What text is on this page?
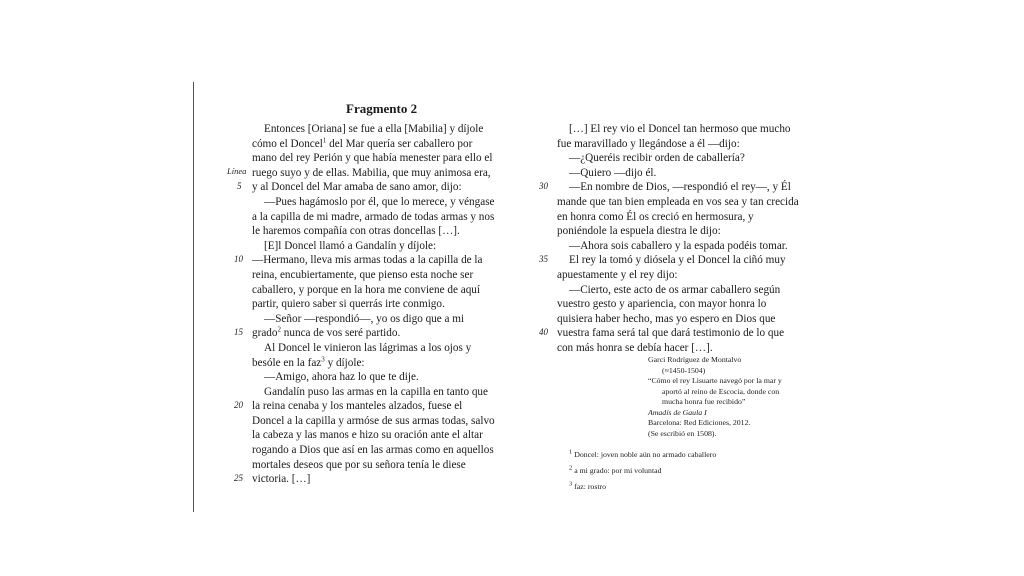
Fragmento 2
Entonces [Oriana] se fue a ella [Mabilia] y díjole
cómo el Doncel$^1$ del Mar quería ser caballero por
mano del rey Perión y que había menester para ello el
ruego suyo y de ellas. Mabilia, que muy animosa era,
y al Doncel del Mar amaba de sano amor, dijo:
—Pues hagámoslo por él, que lo merece, y véngase
a la capilla de mi madre, armado de todas armas y nos
le haremos compañía con otras doncellas […].
[E]l Doncel llamó a Gandalín y díjole:
—Hermano, lleva mis armas todas a la capilla de la
reina, encubiertamente, que pienso esta noche ser
caballero, y porque en la hora me conviene de aquí
partir, quiero saber si querrás irte conmigo.
—Señor —respondió—, yo os digo que a mi
grado$^2$ nunca de vos seré partido.
Al Doncel le vinieron las lágrimas a los ojos y
besóle en la faz$^3$ y díjole:
—Amigo, ahora haz lo que te dije.
Gandalín puso las armas en la capilla en tanto que
la reina cenaba y los manteles alzados, fuese el
Doncel a la capilla y armóse de sus armas todas, salvo
la cabeza y las manos e hizo su oración ante el altar
rogando a Dios que así en las armas como en aquellos
mortales deseos que por su señora tenía le diese
victoria. […]
[…] El rey vio el Doncel tan hermoso que mucho
fue maravillado y llegándose a él —dijo:
—¿Queréis recibir orden de caballería?
—Quiero —dijo él.
—En nombre de Dios, —respondió el rey—, y Él
mande que tan bien empleada en vos sea y tan crecida
en honra como Él os creció en hermosura, y
poniéndole la espuela diestra le dijo:
—Ahora sois caballero y la espada podéis tomar.
El rey la tomó y diósela y el Doncel la ciñó muy
apuestamente y el rey dijo:
—Cierto, este acto de os armar caballero según
vuestro gesto y apariencia, con mayor honra lo
quisiera haber hecho, mas yo espero en Dios que
vuestra fama será tal que dará testimonio de lo que
con más honra se debía hacer […].
Línea
5
10
15
20
25
30
35
40
Garci Rodríguez de Montalvo
(≈1450-1504)
“Cómo el rey Lisuarte navegó por la mar y
aportó al reino de Escocia, donde con
mucha honra fue recibido”
Amadís de Gaula I
Barcelona: Red Ediciones, 2012.
(Se escribió en 1508).
$^1$ Doncel: joven noble aún no armado caballero
$^2$ a mi grado: por mi voluntad
$^3$ faz: rostro
